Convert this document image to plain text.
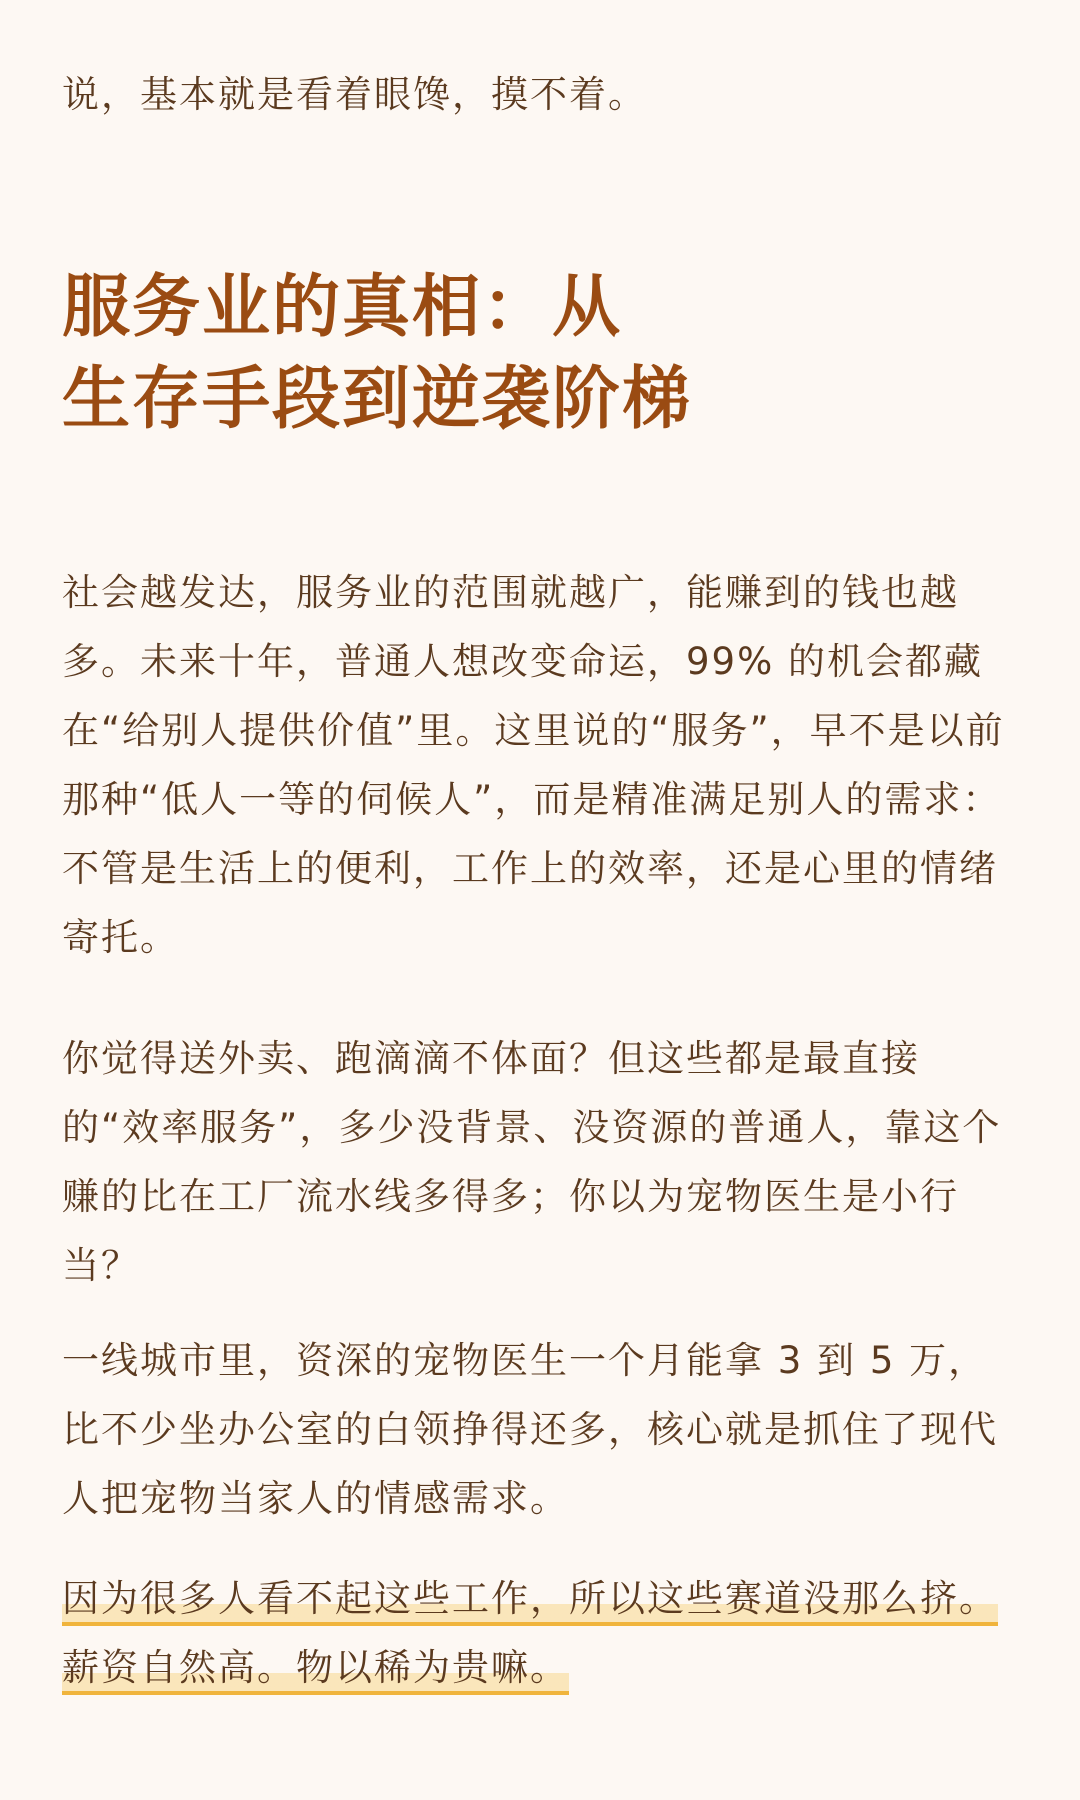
说，基本就是看着眼馋，摸不着。

服务业的真相：从
生存手段到逆袭阶梯

社会越发达，服务业的范围就越广，能赚到的钱也越多。未来十年，普通人想改变命运，99% 的机会都藏在“给别人提供价值”里。这里说的“服务”，早不是以前那种“低人一等的伺候人”，而是精准满足别人的需求：不管是生活上的便利，工作上的效率，还是心里的情绪寄托。

你觉得送外卖、跑滴滴不体面？但这些都是最直接的“效率服务”，多少没背景、没资源的普通人，靠这个赚的比在工厂流水线多得多；你以为宠物医生是小行当？

一线城市里，资深的宠物医生一个月能拿 3 到 5 万，比不少坐办公室的白领挣得还多，核心就是抓住了现代人把宠物当家人的情感需求。

因为很多人看不起这些工作，所以这些赛道没那么挤。薪资自然高。物以稀为贵嘛。
